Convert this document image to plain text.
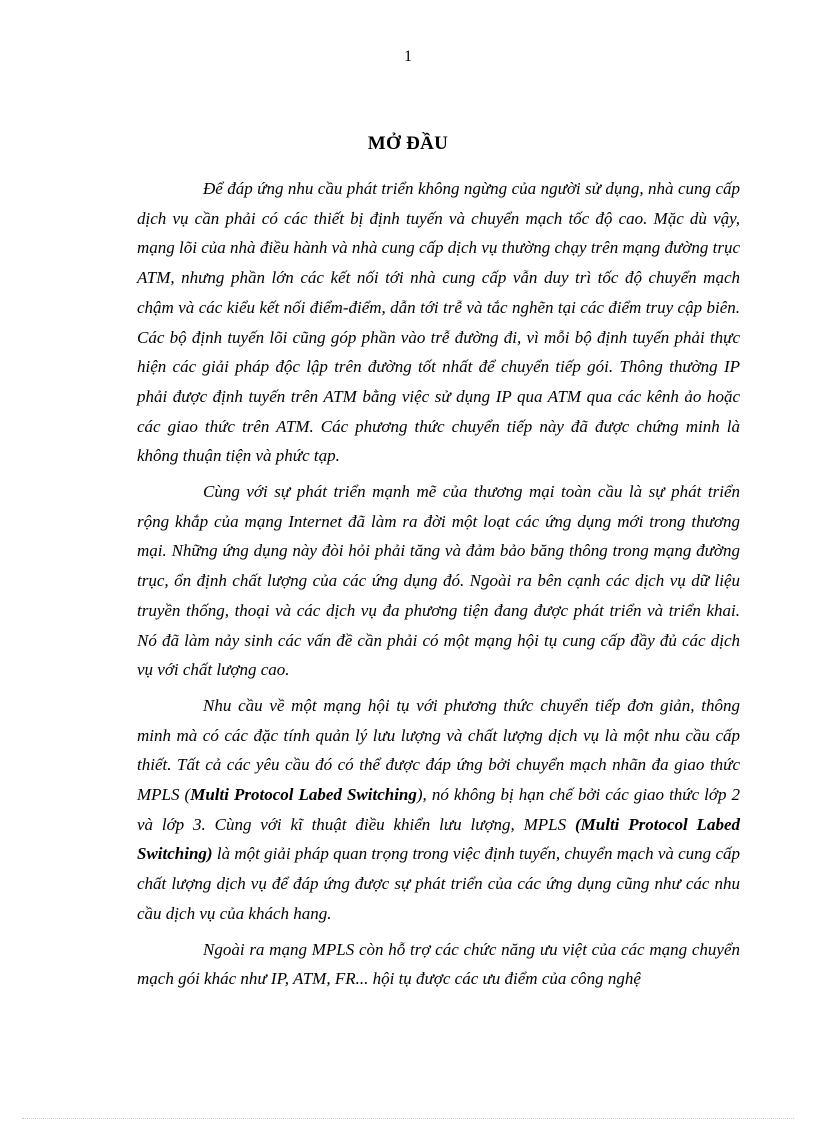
1
MỞ ĐẦU

Để đáp ứng nhu cầu phát triển không ngừng của người sử dụng, nhà cung cấp dịch vụ cần phải có các thiết bị định tuyến và chuyển mạch tốc độ cao. Mặc dù vậy, mạng lõi của nhà điều hành và nhà cung cấp dịch vụ thường chạy trên mạng đường trục ATM, nhưng phần lớn các kết nối tới nhà cung cấp vẫn duy trì tốc độ chuyển mạch chậm và các kiểu kết nối điểm-điểm, dẫn tới trễ và tắc nghẽn tại các điểm truy cập biên. Các bộ định tuyến lõi cũng góp phần vào trễ đường đi, vì mỗi bộ định tuyến phải thực hiện các giải pháp độc lập trên đường tốt nhất để chuyển tiếp gói. Thông thường IP phải được định tuyến trên ATM bằng việc sử dụng IP qua ATM qua các kênh ảo hoặc các giao thức trên ATM. Các phương thức chuyển tiếp này đã được chứng minh là không thuận tiện và phức tạp.

Cùng với sự phát triển mạnh mẽ của thương mại toàn cầu là sự phát triển rộng khắp của mạng Internet đã làm ra đời một loạt các ứng dụng mới trong thương mại. Những ứng dụng này đòi hỏi phải tăng và đảm bảo băng thông trong mạng đường trục, ổn định chất lượng của các ứng dụng đó. Ngoài ra bên cạnh các dịch vụ dữ liệu truyền thống, thoại và các dịch vụ đa phương tiện đang được phát triển và triển khai. Nó đã làm nảy sinh các vấn đề cần phải có một mạng hội tụ cung cấp đầy đủ các dịch vụ với chất lượng cao.

Nhu cầu về một mạng hội tụ với phương thức chuyển tiếp đơn giản, thông minh mà có các đặc tính quản lý lưu lượng và chất lượng dịch vụ là một nhu cầu cấp thiết. Tất cả các yêu cầu đó có thể được đáp ứng bởi chuyển mạch nhãn đa giao thức MPLS (Multi Protocol Labed Switching), nó không bị hạn chế bởi các giao thức lớp 2 và lớp 3. Cùng với kĩ thuật điều khiển lưu lượng, MPLS (Multi Protocol Labed Switching) là một giải pháp quan trọng trong việc định tuyến, chuyển mạch và cung cấp chất lượng dịch vụ để đáp ứng được sự phát triển của các ứng dụng cũng như các nhu cầu dịch vụ của khách hang.

Ngoài ra mạng MPLS còn hỗ trợ các chức năng ưu việt của các mạng chuyển mạch gói khác như IP, ATM, FR... hội tụ được các ưu điểm của công nghệ
